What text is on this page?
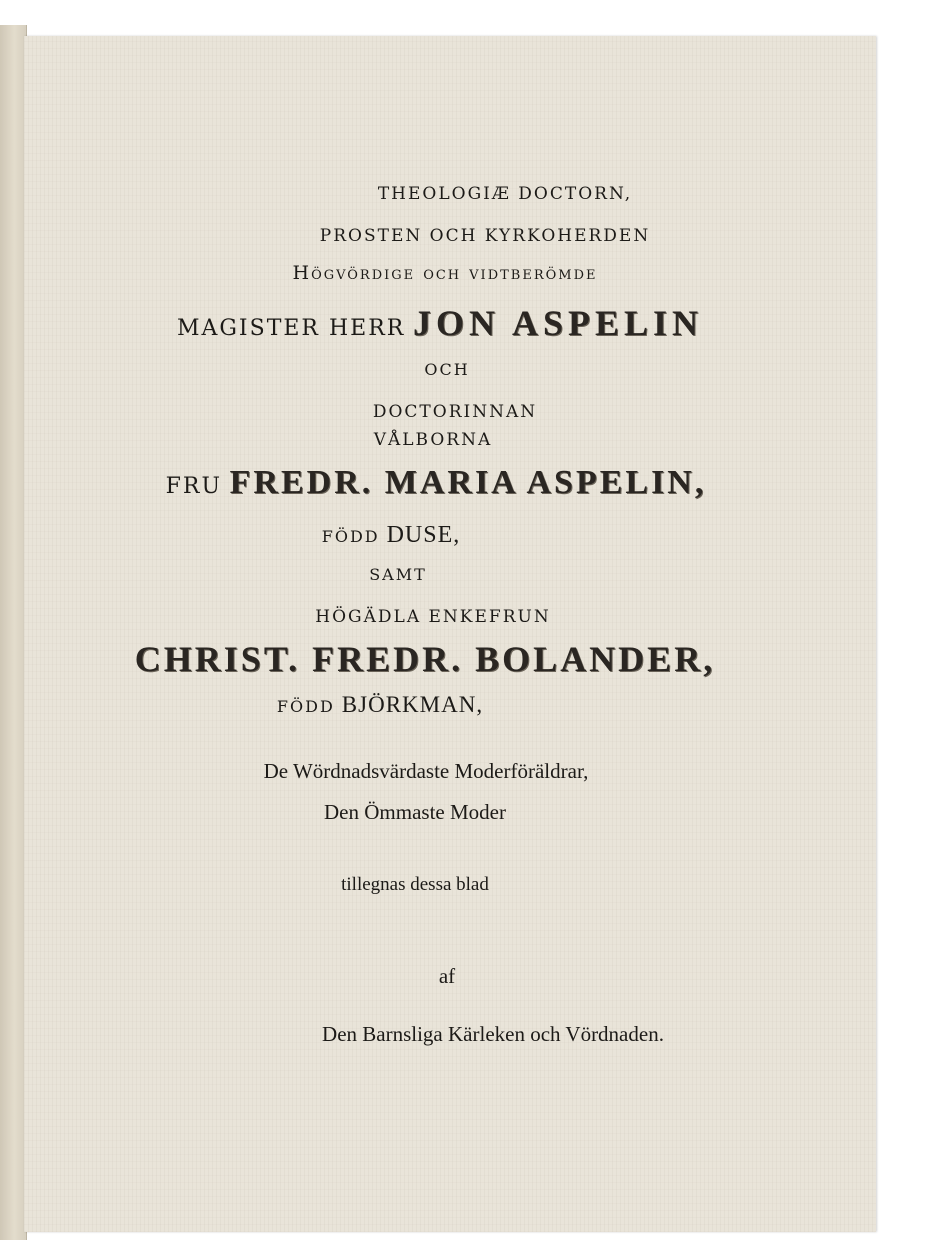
THEOLOGIÆ DOCTORN,
PROSTEN OCH KYRKOHERDEN
Högvördige och vidtberömde
MAGISTER HERR JON ASPELIN
OCH
DOCTORINNAN
VÅLBORNA
FRU FREDR. MARIA ASPELIN,
FÖDD DUSE,
SAMT
HÖGÄDLA ENKEFRUN
CHRIST. FREDR. BOLANDER,
FÖDD BJÖRKMAN,
De Wördnadsvärdaste Moderföräldrar,
Den Ömmaste Moder
tillegnas dessa blad
af
Den Barnsliga Kärleken och Vördnaden.
